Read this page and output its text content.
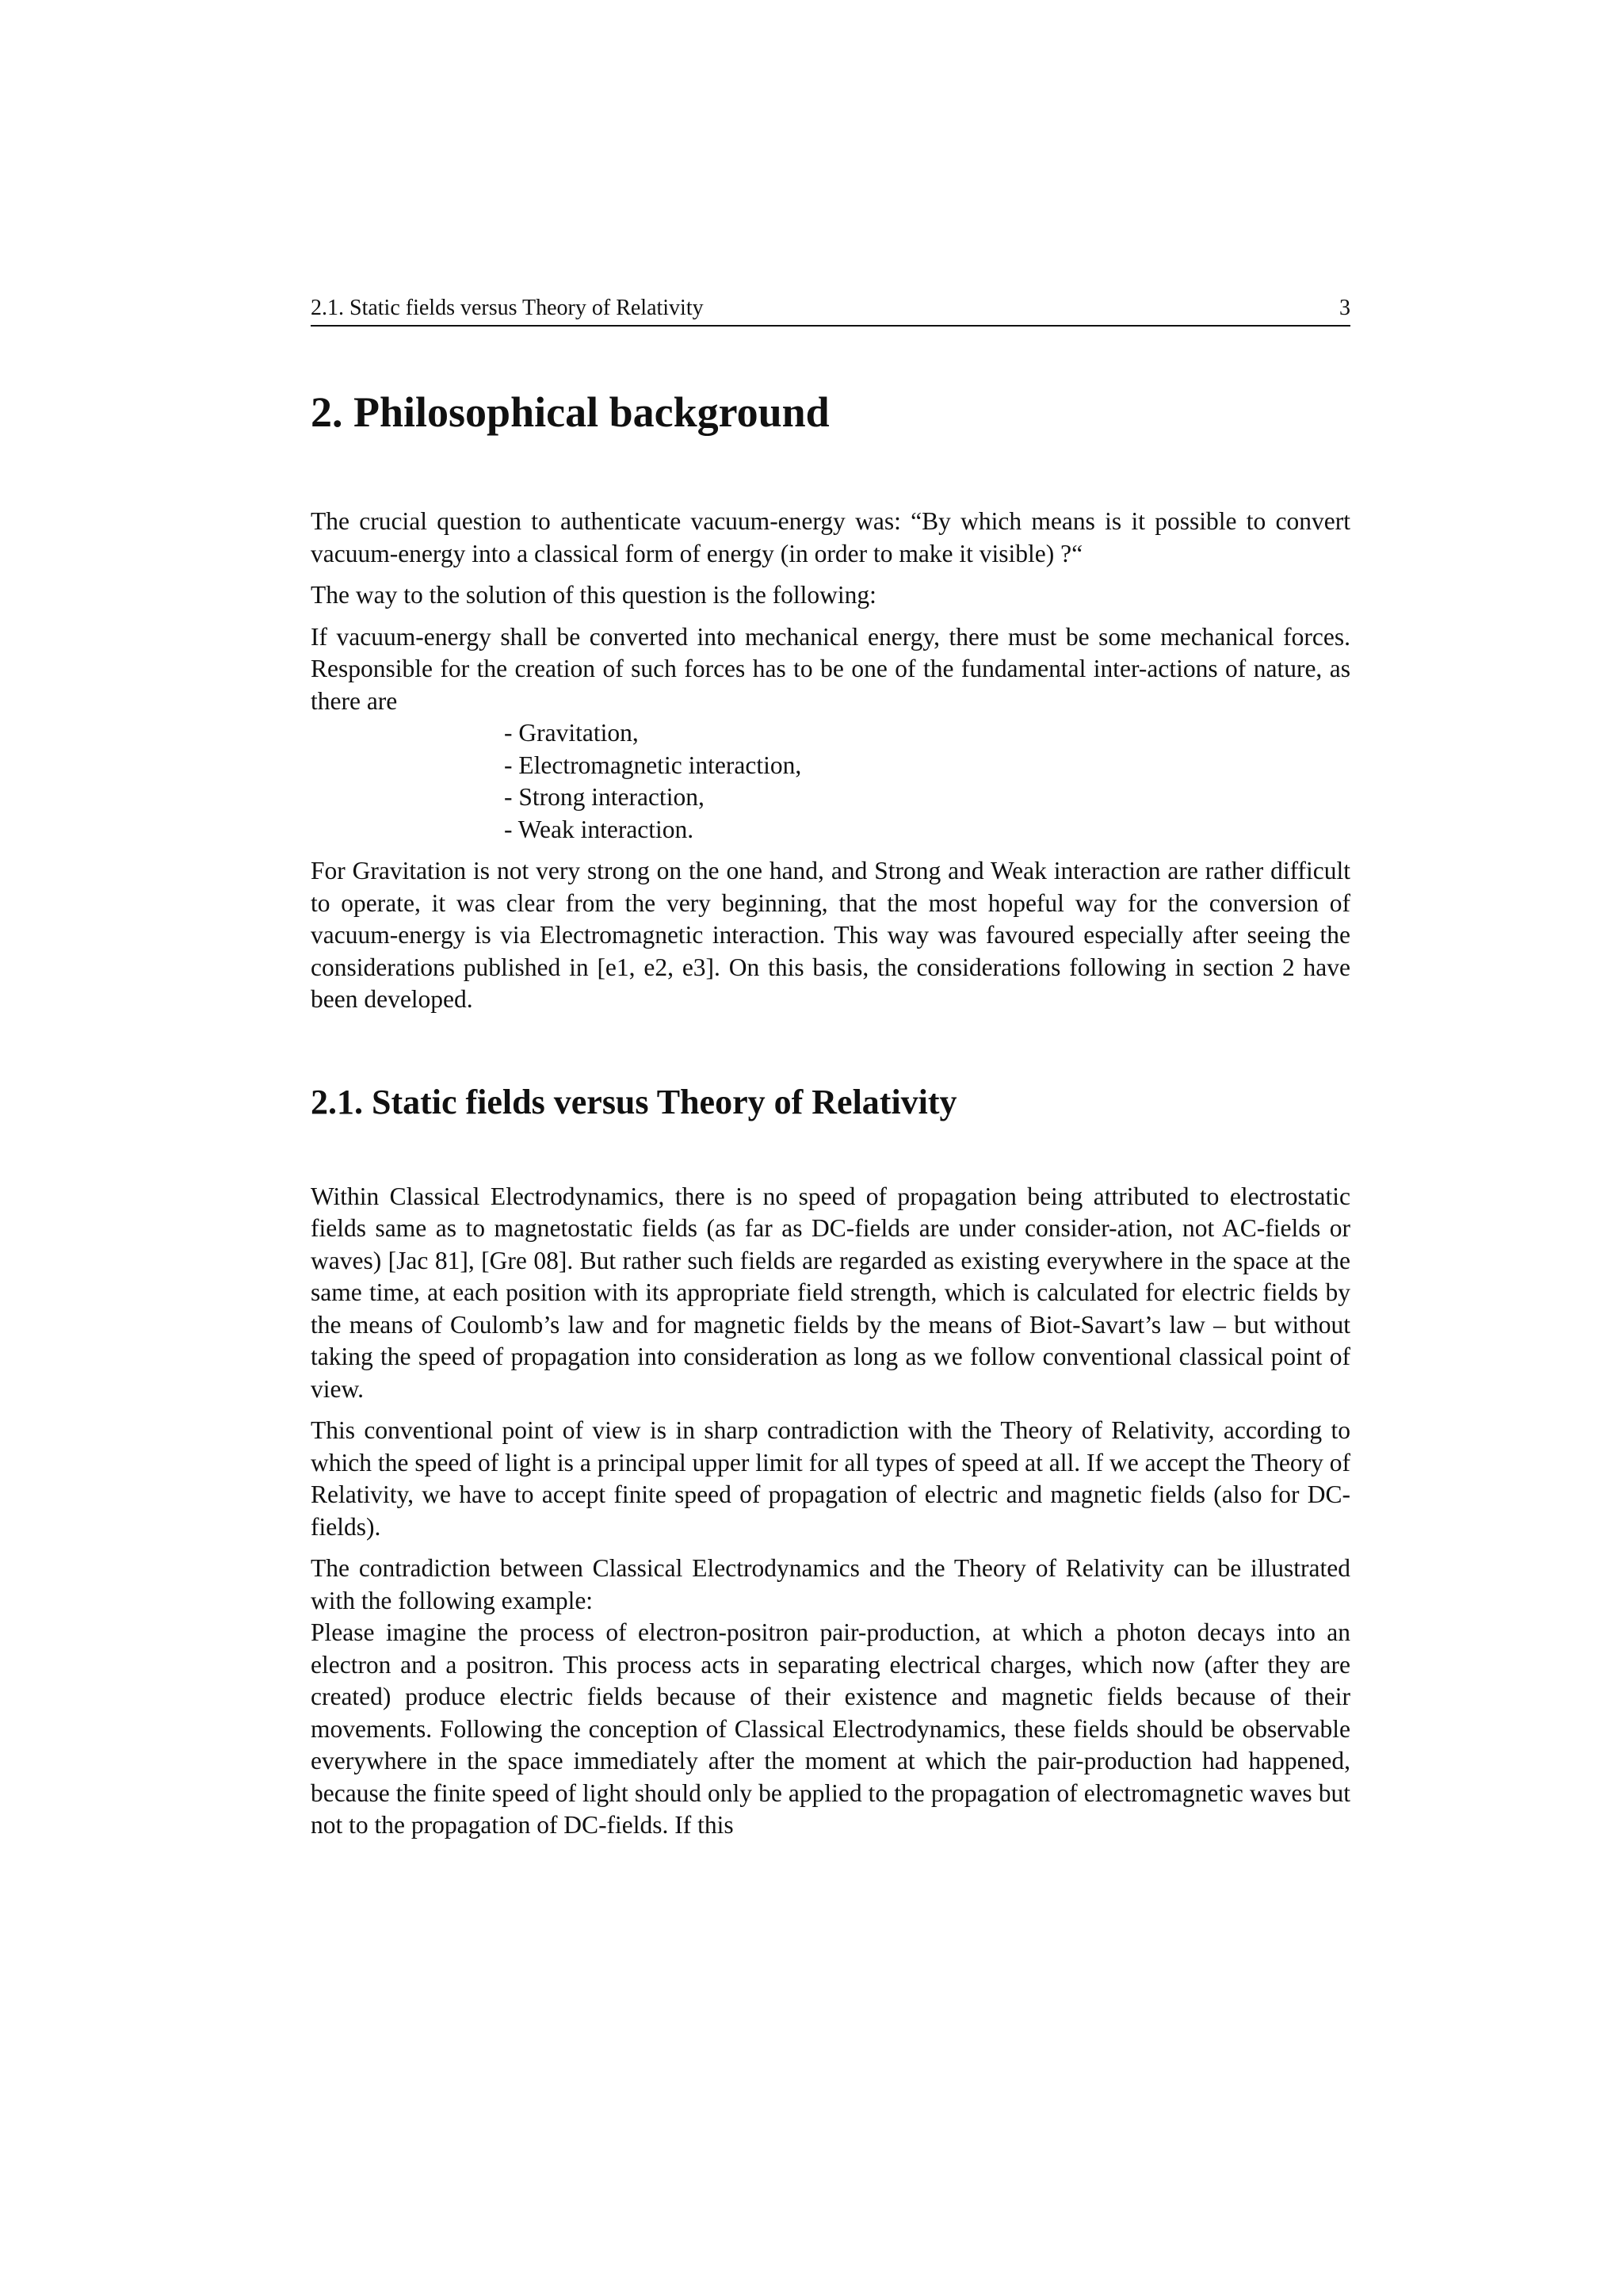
2.1. Static fields versus Theory of Relativity	3
2. Philosophical background

The crucial question to authenticate vacuum-energy was: “By which means is it possible to convert vacuum-energy into a classical form of energy (in order to make it visible) ?“

The way to the solution of this question is the following:

If vacuum-energy shall be converted into mechanical energy, there must be some mechanical forces. Responsible for the creation of such forces has to be one of the fundamental inter-actions of nature, as there are

- Gravitation,
- Electromagnetic interaction,
- Strong interaction,
- Weak interaction.

For Gravitation is not very strong on the one hand, and Strong and Weak interaction are rather difficult to operate, it was clear from the very beginning, that the most hopeful way for the conversion of vacuum-energy is via Electromagnetic interaction. This way was favoured especially after seeing the considerations published in [e1, e2, e3]. On this basis, the considerations following in section 2 have been developed.

2.1. Static fields versus Theory of Relativity

Within Classical Electrodynamics, there is no speed of propagation being attributed to electrostatic fields same as to magnetostatic fields (as far as DC-fields are under consider-ation, not AC-fields or waves) [Jac 81], [Gre 08]. But rather such fields are regarded as existing everywhere in the space at the same time, at each position with its appropriate field strength, which is calculated for electric fields by the means of Coulomb’s law and for magnetic fields by the means of Biot-Savart’s law – but without taking the speed of propagation into consideration as long as we follow conventional classical point of view.

This conventional point of view is in sharp contradiction with the Theory of Relativity, according to which the speed of light is a principal upper limit for all types of speed at all. If we accept the Theory of Relativity, we have to accept finite speed of propagation of electric and magnetic fields (also for DC-fields).

The contradiction between Classical Electrodynamics and the Theory of Relativity can be illustrated with the following example:

Please imagine the process of electron-positron pair-production, at which a photon decays into an electron and a positron. This process acts in separating electrical charges, which now (after they are created) produce electric fields because of their existence and magnetic fields because of their movements. Following the conception of Classical Electrodynamics, these fields should be observable everywhere in the space immediately after the moment at which the pair-production had happened, because the finite speed of light should only be applied to the propagation of electromagnetic waves but not to the propagation of DC-fields. If this
